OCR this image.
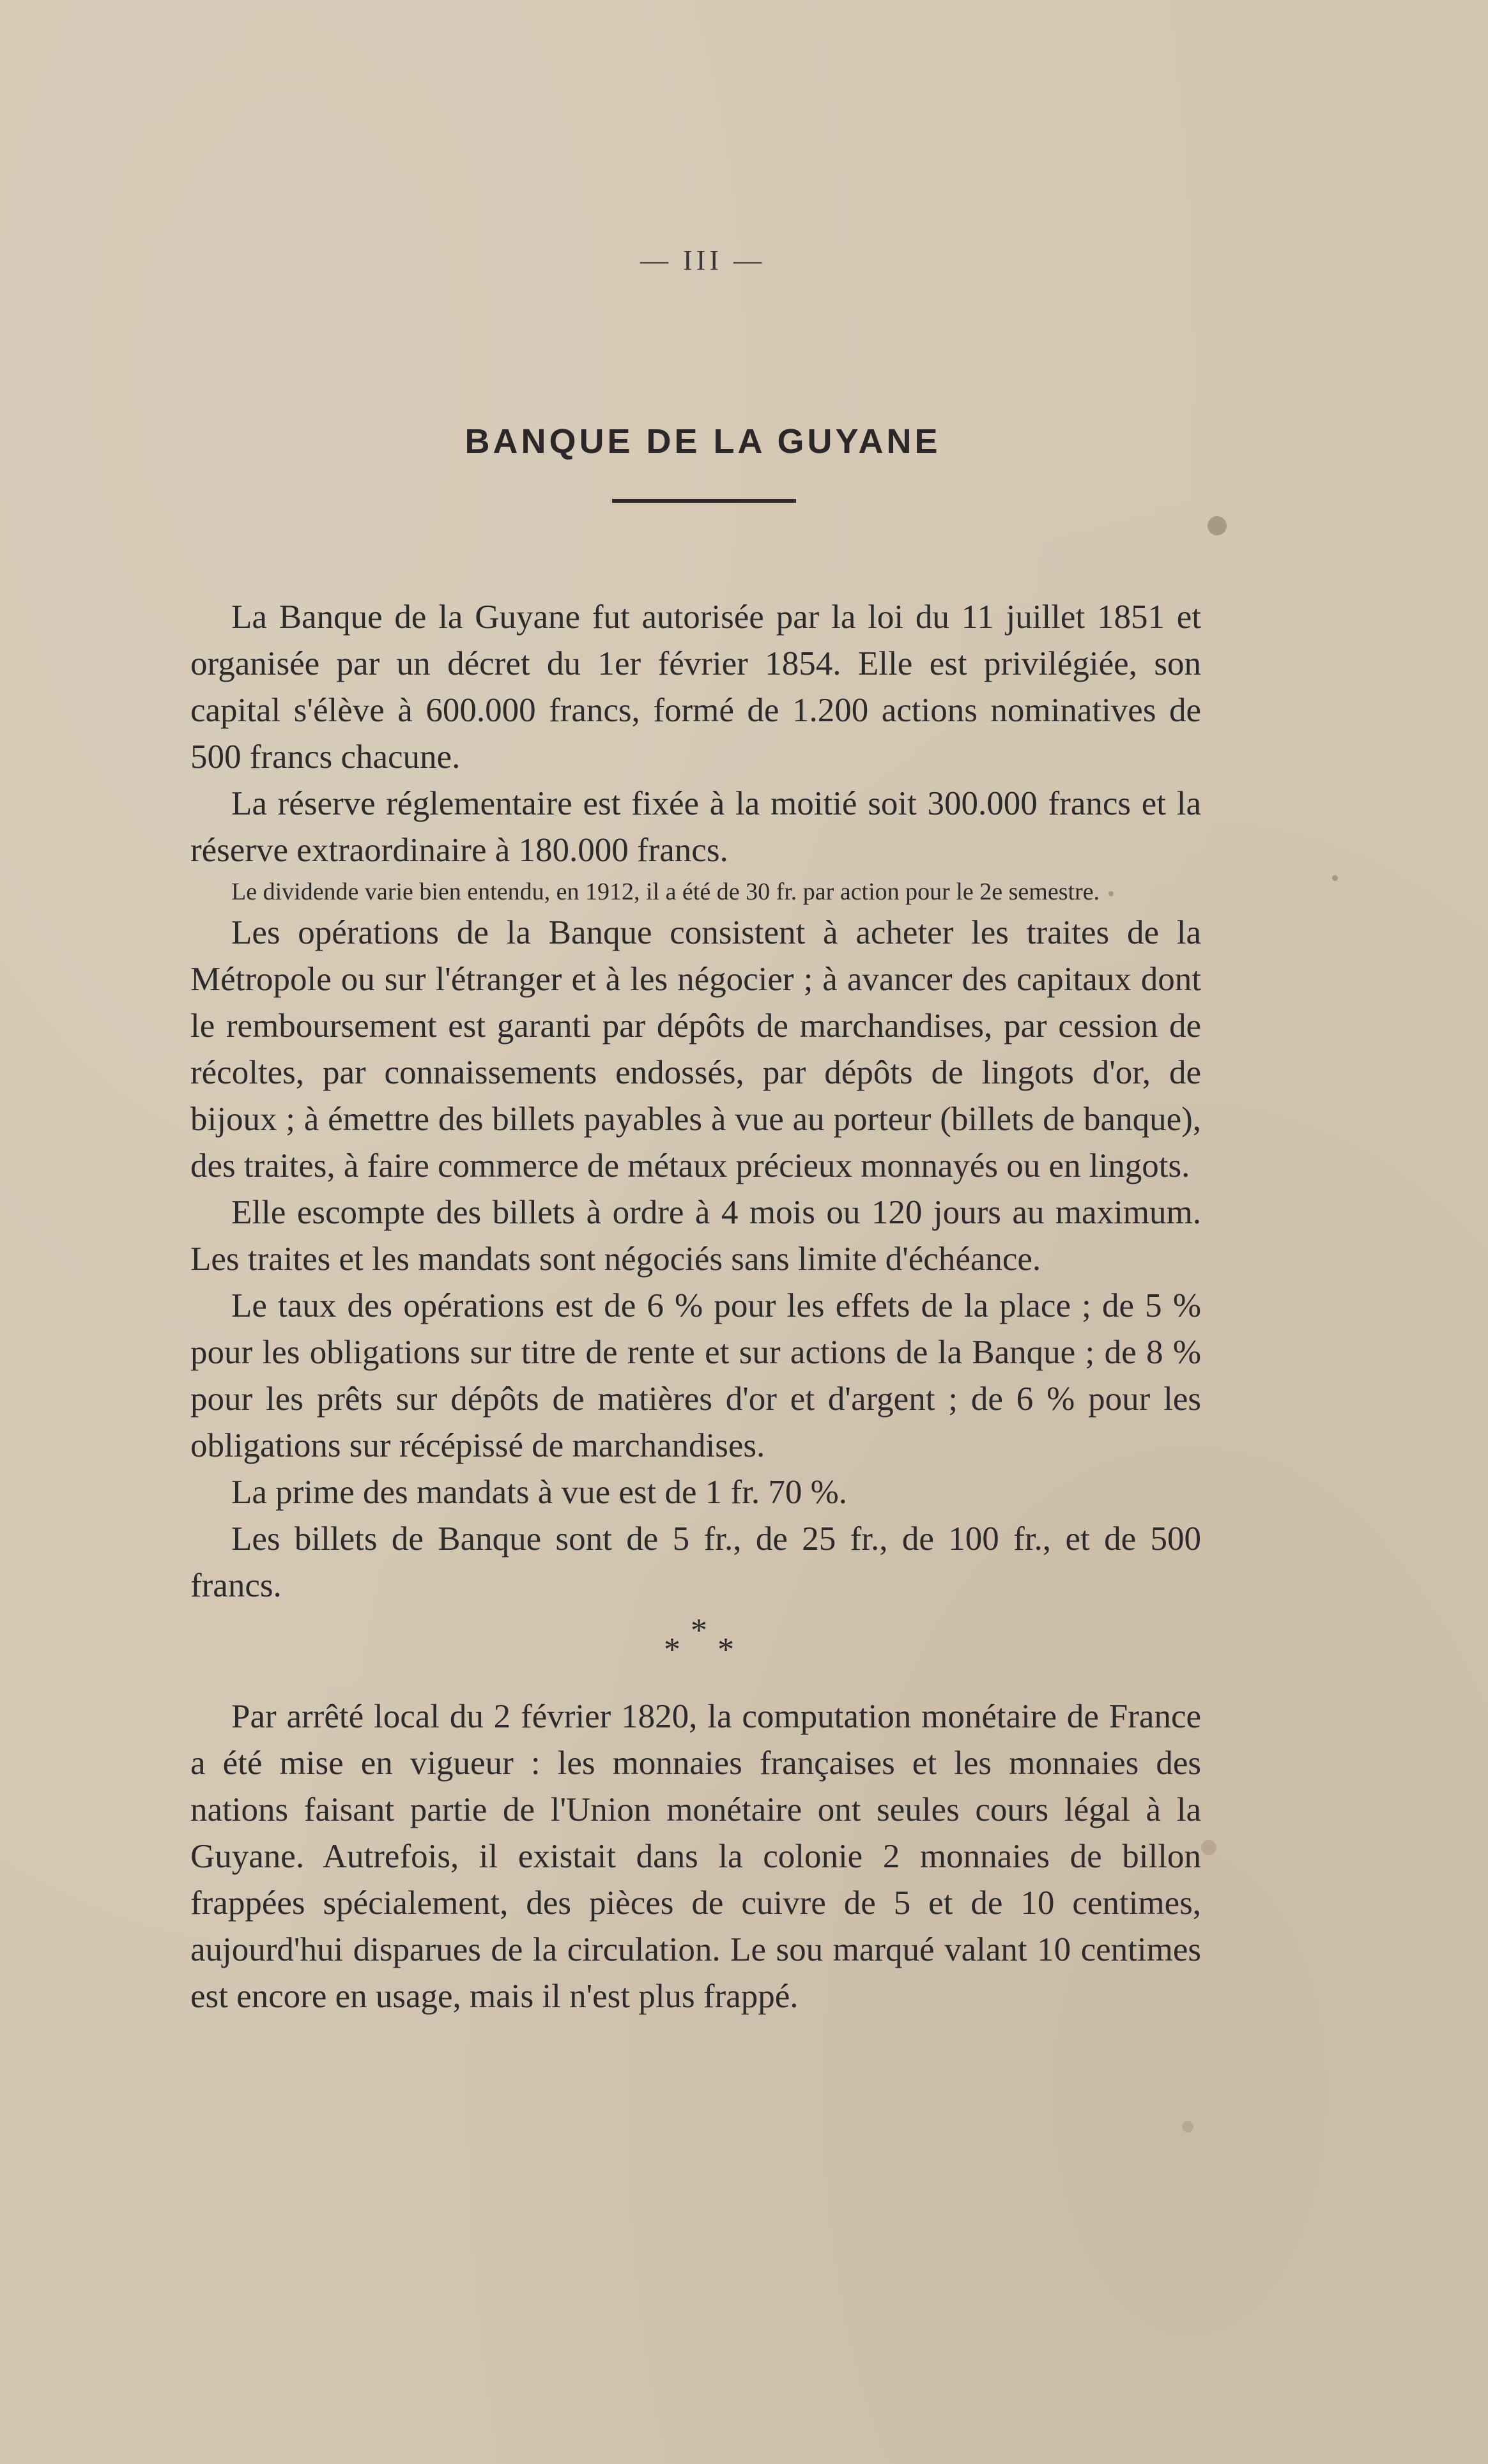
— III —
BANQUE DE LA GUYANE

La Banque de la Guyane fut autorisée par la loi du 11 juillet 1851 et organisée par un décret du 1er février 1854. Elle est privilégiée, son capital s'élève à 600.000 francs, formé de 1.200 actions nominatives de 500 francs chacune.

La réserve réglementaire est fixée à la moitié soit 300.000 francs et la réserve extraordinaire à 180.000 francs.

Le dividende varie bien entendu, en 1912, il a été de 30 fr. par action pour le 2e semestre.

Les opérations de la Banque consistent à acheter les traites de la Métropole ou sur l'étranger et à les négocier ; à avancer des capitaux dont le remboursement est garanti par dépôts de marchandises, par cession de récoltes, par connaissements endossés, par dépôts de lingots d'or, de bijoux ; à émettre des billets payables à vue au porteur (billets de banque), des traites, à faire commerce de métaux précieux monnayés ou en lingots.

Elle escompte des billets à ordre à 4 mois ou 120 jours au maximum. Les traites et les mandats sont négociés sans limite d'échéance.

Le taux des opérations est de 6 % pour les effets de la place ; de 5 % pour les obligations sur titre de rente et sur actions de la Banque ; de 8 % pour les prêts sur dépôts de matières d'or et d'argent ; de 6 % pour les obligations sur récépissé de marchandises.

La prime des mandats à vue est de 1 fr. 70 %.

Les billets de Banque sont de 5 fr., de 25 fr., de 100 fr., et de 500 francs.

*
* *

Par arrêté local du 2 février 1820, la computation monétaire de France a été mise en vigueur : les monnaies françaises et les monnaies des nations faisant partie de l'Union monétaire ont seules cours légal à la Guyane. Autrefois, il existait dans la colonie 2 monnaies de billon frappées spécialement, des pièces de cuivre de 5 et de 10 centimes, aujourd'hui disparues de la circulation. Le sou marqué valant 10 centimes est encore en usage, mais il n'est plus frappé.
